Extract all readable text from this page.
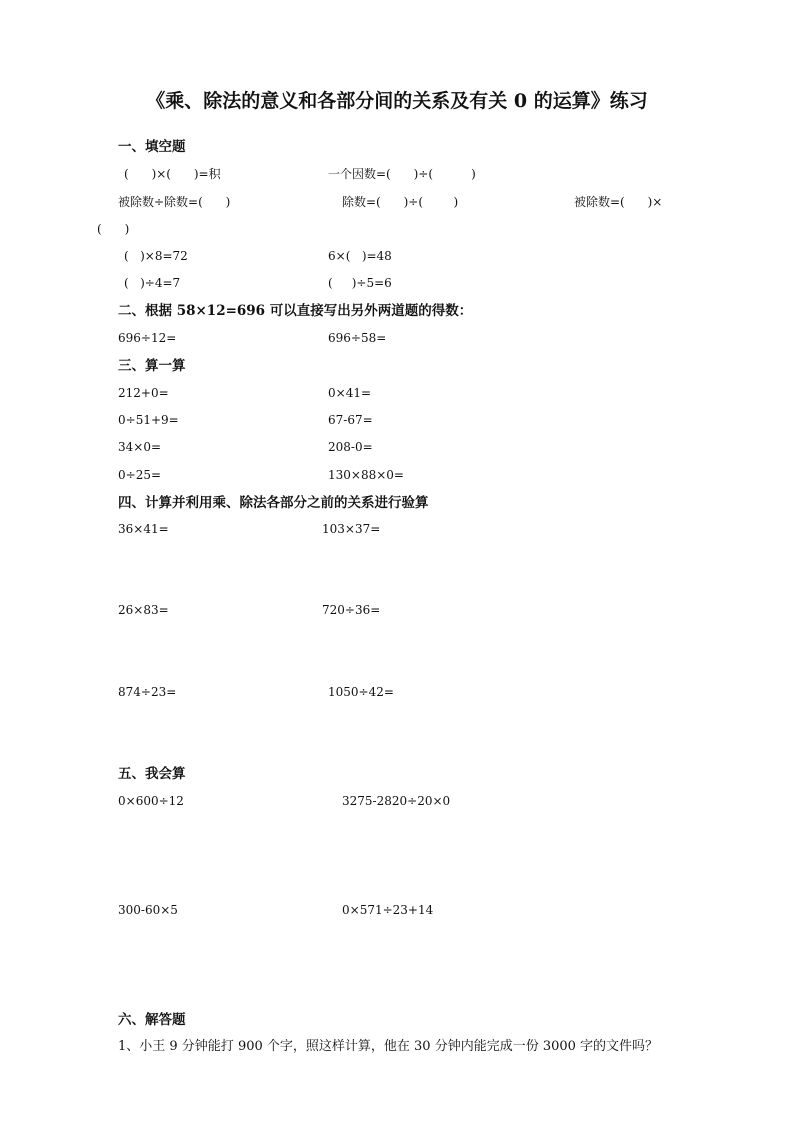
《乘、除法的意义和各部分间的关系及有关 0 的运算》练习
一、填空题
(      )×(      )=积	一个因数=(      )÷(          )
被除数÷除数=(      )	除数=(      )÷(        )	被除数=(      )×
(      )
(   )×8=72	6×(   )=48
(   )÷4=7	(     )÷5=6
二、根据 58×12=696 可以直接写出另外两道题的得数：
696÷12=	696÷58=
三、算一算
212+0=	0×41=
0÷51+9=	67-67=
34×0=	208-0=
0÷25=	130×88×0=
四、计算并利用乘、除法各部分之前的关系进行验算
36×41=	103×37=
26×83=	720÷36=
874÷23=	1050÷42=
五、我会算
0×600÷12	3275-2820÷20×0
300-60×5	0×571÷23+14
六、解答题
1、小王 9 分钟能打 900 个字，照这样计算，他在 30 分钟内能完成一份 3000 字的文件吗？
